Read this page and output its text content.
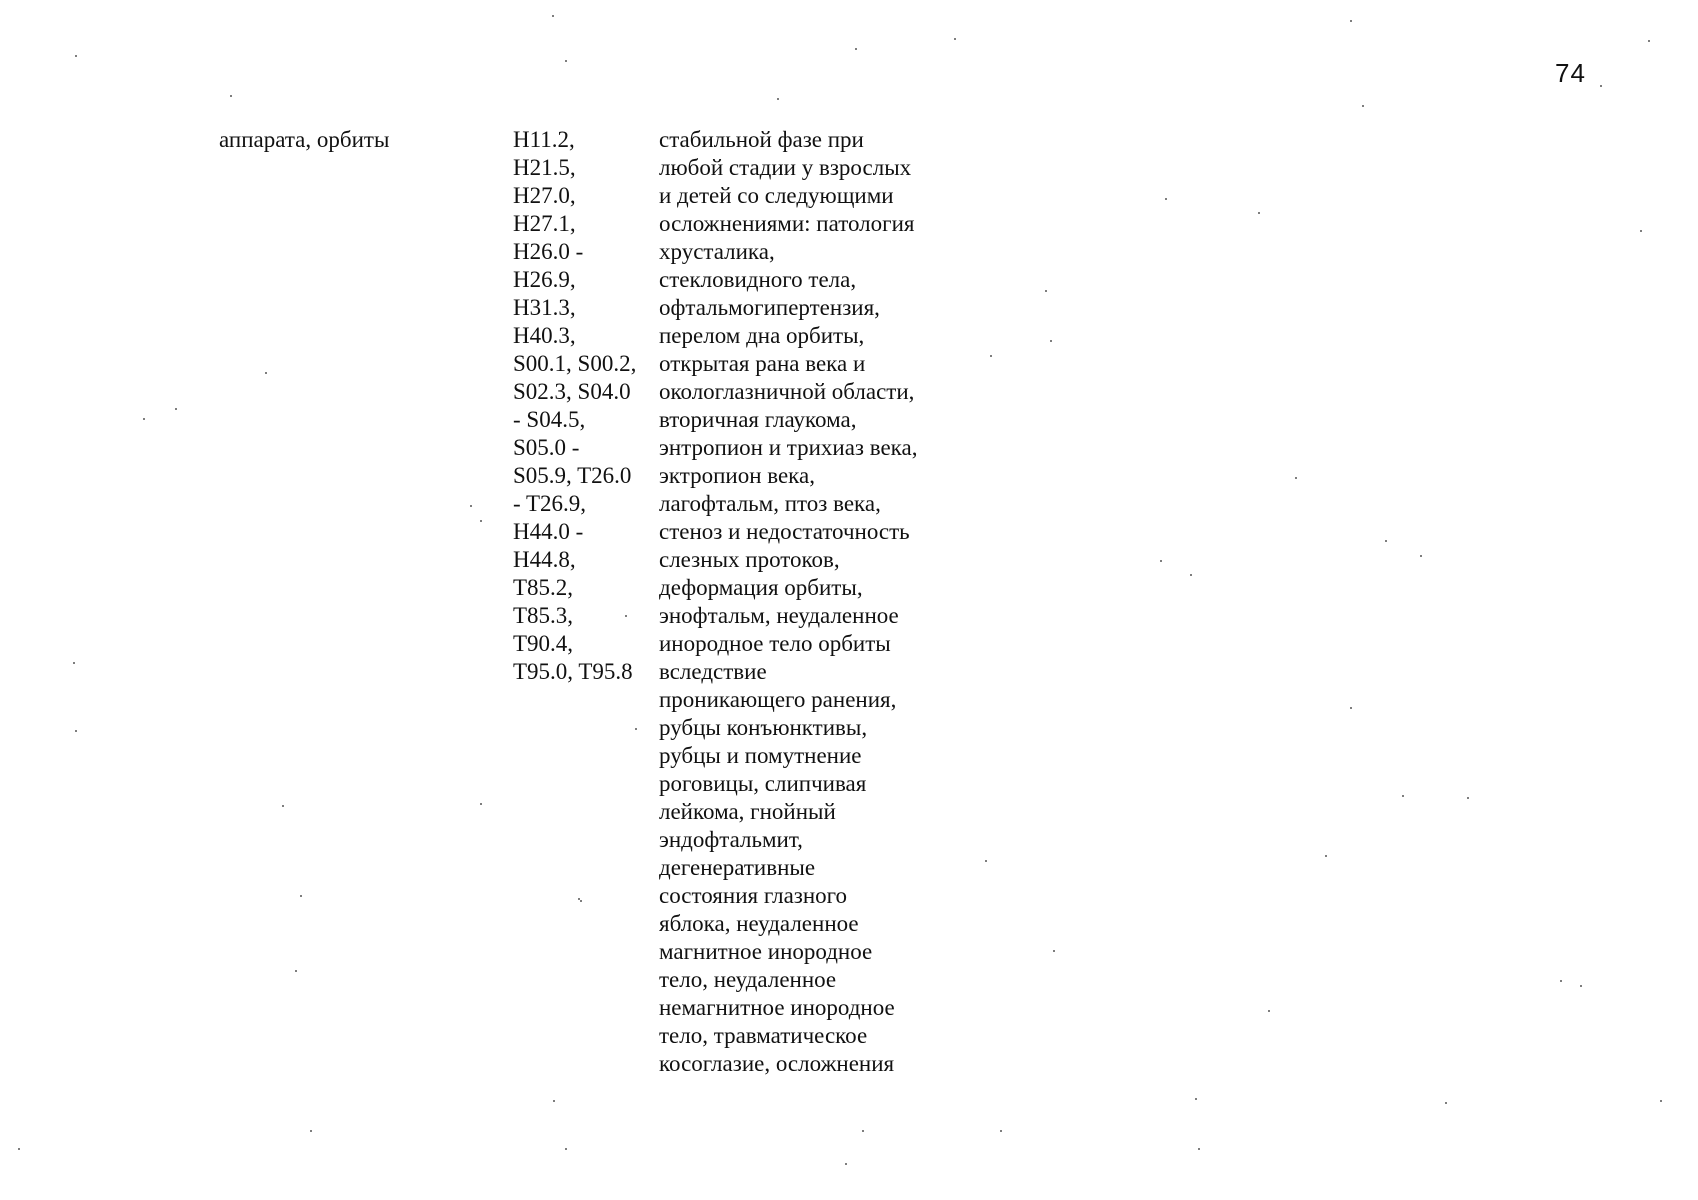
74
аппарата, орбиты	H11.2,
H21.5,
H27.0,
H27.1,
H26.0 -
H26.9,
H31.3,
H40.3,
S00.1, S00.2,
S02.3, S04.0
- S04.5,
S05.0 -
S05.9, T26.0
- T26.9,
H44.0 -
H44.8,
T85.2,
T85.3,
T90.4,
T95.0, T95.8
стабильной фазе при
любой стадии у взрослых
и детей со следующими
осложнениями: патология
хрусталика,
стекловидного тела,
офтальмогипертензия,
перелом дна орбиты,
открытая рана века и
окологлазничной области,
вторичная глаукома,
энтропион и трихиаз века,
эктропион века,
лагофтальм, птоз века,
стеноз и недостаточность
слезных протоков,
деформация орбиты,
энофтальм, неудаленное
инородное тело орбиты
вследствие
проникающего ранения,
рубцы конъюнктивы,
рубцы и помутнение
роговицы, слипчивая
лейкома, гнойный
эндофтальмит,
дегенеративные
состояния глазного
яблока, неудаленное
магнитное инородное
тело, неудаленное
немагнитное инородное
тело, травматическое
косоглазие, осложнения
